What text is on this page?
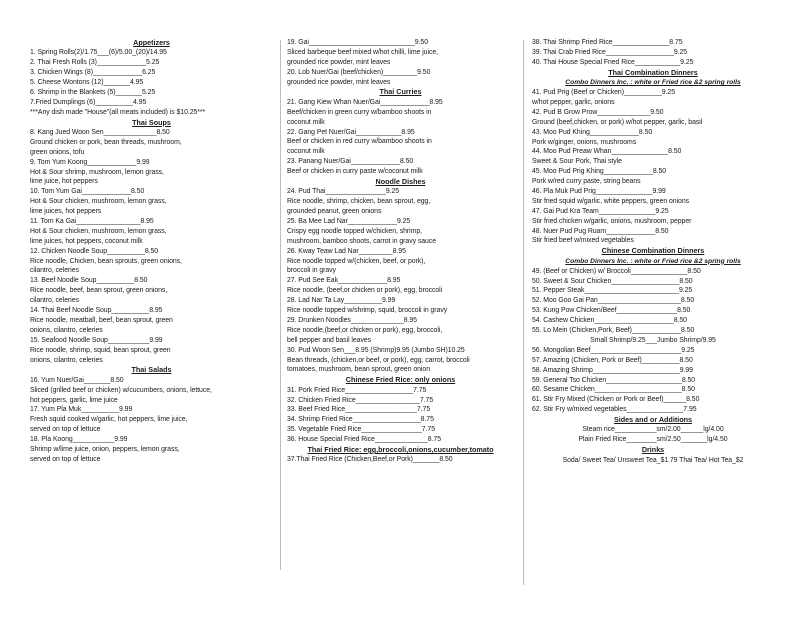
Appetizers
1. Spring Rolls(2)/1.75___(6)/5.00_(20)/14.95
2. Thai Fresh Rolls (3)_____________5.25
3. Chicken Wings (8)_____________6.25
5. Cheese Wontons (12)_______4.95
6. Shrimp in the Blankets (5)_______5.25
7.Fried Dumplings (6)__________4.95
***Any dish made "House"(all meats included) is $10.25***
Thai Soups
8. Kang Jued Woon Sen______________8.50
Ground chicken or pork, bean threads, mushroom,
green onions, tofu
9. Tom Yum Koong_____________9.99
Hot & Sour shrimp, mushroom, lemon grass,
lime juice, hot peppers
10. Tom Yum Gai_____________8.50
Hot & Sour chicken, mushroom, lemon grass,
lime juices, hot peppers
11. Tom Ka Gai_________________8.95
Hot & Sour chicken, mushroom, lemon grass,
lime juices, hot peppers, coconut milk
12. Chicken Noodle Soup__________8.50
Rice noodle, Chicken, bean sprouts, green onions,
cilantro, celeries
13. Beef Noodle Soup__________8.50
Rice noodle, beef, bean sprout, green onions,
cilantro, celeries
14. Thai Beef Noodle Soup__________8.95
Rice noodle, meatball, beef, bean sprout, green
onions, cilantro, celeries
15. Seafood Noodle Soup___________9.99
Rice noodle, shrimp, squid, bean sprout, green
onions, cilantro, celeries
Thai Salads
16. Yum Nuer/Gai_______8.50
Sliced (grilled beef or chicken) w/cucumbers, onions, lettuce,
hot peppers, garlic, lime juice
17. Yum Pla Muk__________9.99
Fresh squid cooked w/garlic, hot peppers, lime juice,
served on top of lettuce
18. Pla Koong___________9.99
Shrimp w/lime juice, onion, peppers, lemon grass,
served on top of lettuce
19. Gai____________________________9.50
Sliced barbeque beef mixed w/hot chilli, lime juice,
grounded rice powder, mint leaves
20. Lob Nuer/Gai (beef/chicken)_________9.50
grounded rice powder, mint leaves
Thai Curries
21. Gang Kiew Whan Nuer/Gai_____________8.95
Beef/chicken in green curry w/bamboo shoots in
coconut milk
22. Gang Pet Nuer/Gai____________8.95
Beef or chicken in red curry w/bamboo shoots in
coconut milk
23. Panang Nuer/Gai_____________8.50
Beef or chicken in curry paste w/coconut milk
Noodle Dishes
24. Pud Thai________________9.25
Rice noodle, shrimp, chicken, bean sprout, egg,
grounded peanut, green onions
25. Ba Mee Lad Nar_____________9.25
Crispy egg noodle topped w/chicken, shrimp,
mushroom, bamboo shoots, carrot in gravy sauce
26. Kway Teaw Lad Nar_________8.95
Rice noodle topped w/(chicken, beef, or pork),
broccoli in gravy
27. Pud See Eak_____________8.95
Rice noodle, (beef,or chicken or pork), egg, broccoli
28. Lad Nar Ta Lay__________9.99
Rice noodle topped w/shrimp, squid, broccoli in gravy
29. Drunken Noodles______________8.95
Rice noodle,(beef,or chicken or pork), egg, broccoli,
bell pepper and basil leaves
30. Pud Woon Sen___8.95 (Shrimp)9.95 (Jumbo SH)10.25
Bean threads, (chicken,or beef, or pork), egg, carrot, broccoli
tomatoes, mushroom, bean sprout, green onion
Chinese Fried Rice: only onions
31. Pork Fried Rice__________________7.75
32. Chicken Fried Rice_________________7.75
33. Beef Fried Rice___________________7.75
34. Shrimp Fried Rice__________________8.75
35. Vegetable Fried Rice________________7.75
36. House Special Fried Rice______________8.75
Thai Fried Rice: egg,broccoli,onions,cucumber,tomato
37.Thai Fried Rice (Chicken,Beef,or Pork)_______8.50
38. Thai Shrimp Fried Rice_______________8.75
39. Thai Crab Fried Rice__________________9.25
40. Thai House Special Fried Rice____________9.25
Thai Combination Dinners
Combo Dinners Inc. : white or Fried rice &2 spring rolls
41. Pud Prig (Beef or Chicken)__________9.25
w/hot pepper, garlic, onions
42. Pud B Grow Prow______________9.50
Ground (beef,chicken, or pork) w/hot pepper, garlic, basil
43. Moo Pud Khing_____________8.50
Pork w/ginger, onions, mushrooms
44. Moo Pud Preaw Whan_______________8.50
Sweet & Sour Pork, Thai style
45. Moo Pud Prig Khing_____________8.50
Pork w/red curry paste, string beans
46. Pla Muk Pud Prig_______________9.99
Stir fried squid w/garlic, white peppers, green onions
47. Gai Pud Kra Team_______________9.25
Stir fried chicken w/garlic, onions, mushroom, pepper
48. Nuer Pud Pug Ruam_____________8.50
Stir fried beef w/mixed vegetables
Chinese Combination Dinners
Combo Dinners Inc. : white or Fried rice &2 spring rolls
49. (Beef or Chicken) w/ Broccoli_______________8.50
50. Sweet & Sour Chicken__________________8.50
51. Pepper Steak_________________________9.25
52. Moo Goo Gai Pan______________________8.50
53. Kung Pow Chicken/Beef________________8.50
54. Cashew Chicken_____________________8.50
55. Lo Mein (Chicken,Pork, Beef)_____________8.50
Small Shrimp/9.25___Jumbo Shrimp/9.95
56. Mongolian Beef________________________9.25
57. Amazing (Chicken, Pork or Beef)__________8.50
58. Amazing Shrimp_______________________9.99
59. General Tso Chicken____________________8.50
60. Sesame Chicken_______________________8.50
61. Stir Fry Mixed (Chicken or Pork or Beef)______8.50
62. Stir Fry w/mixed vegetables_______________7.95
Sides and or Additions
Steam rice___________sm/2.00______lg/4.00
Plain Fried Rice________sm/2.50_______lg/4.50
Drinks
Soda/ Sweet Tea/ Unsweet Tea_$1.79 Thai Tea/ Hot Tea_$2
